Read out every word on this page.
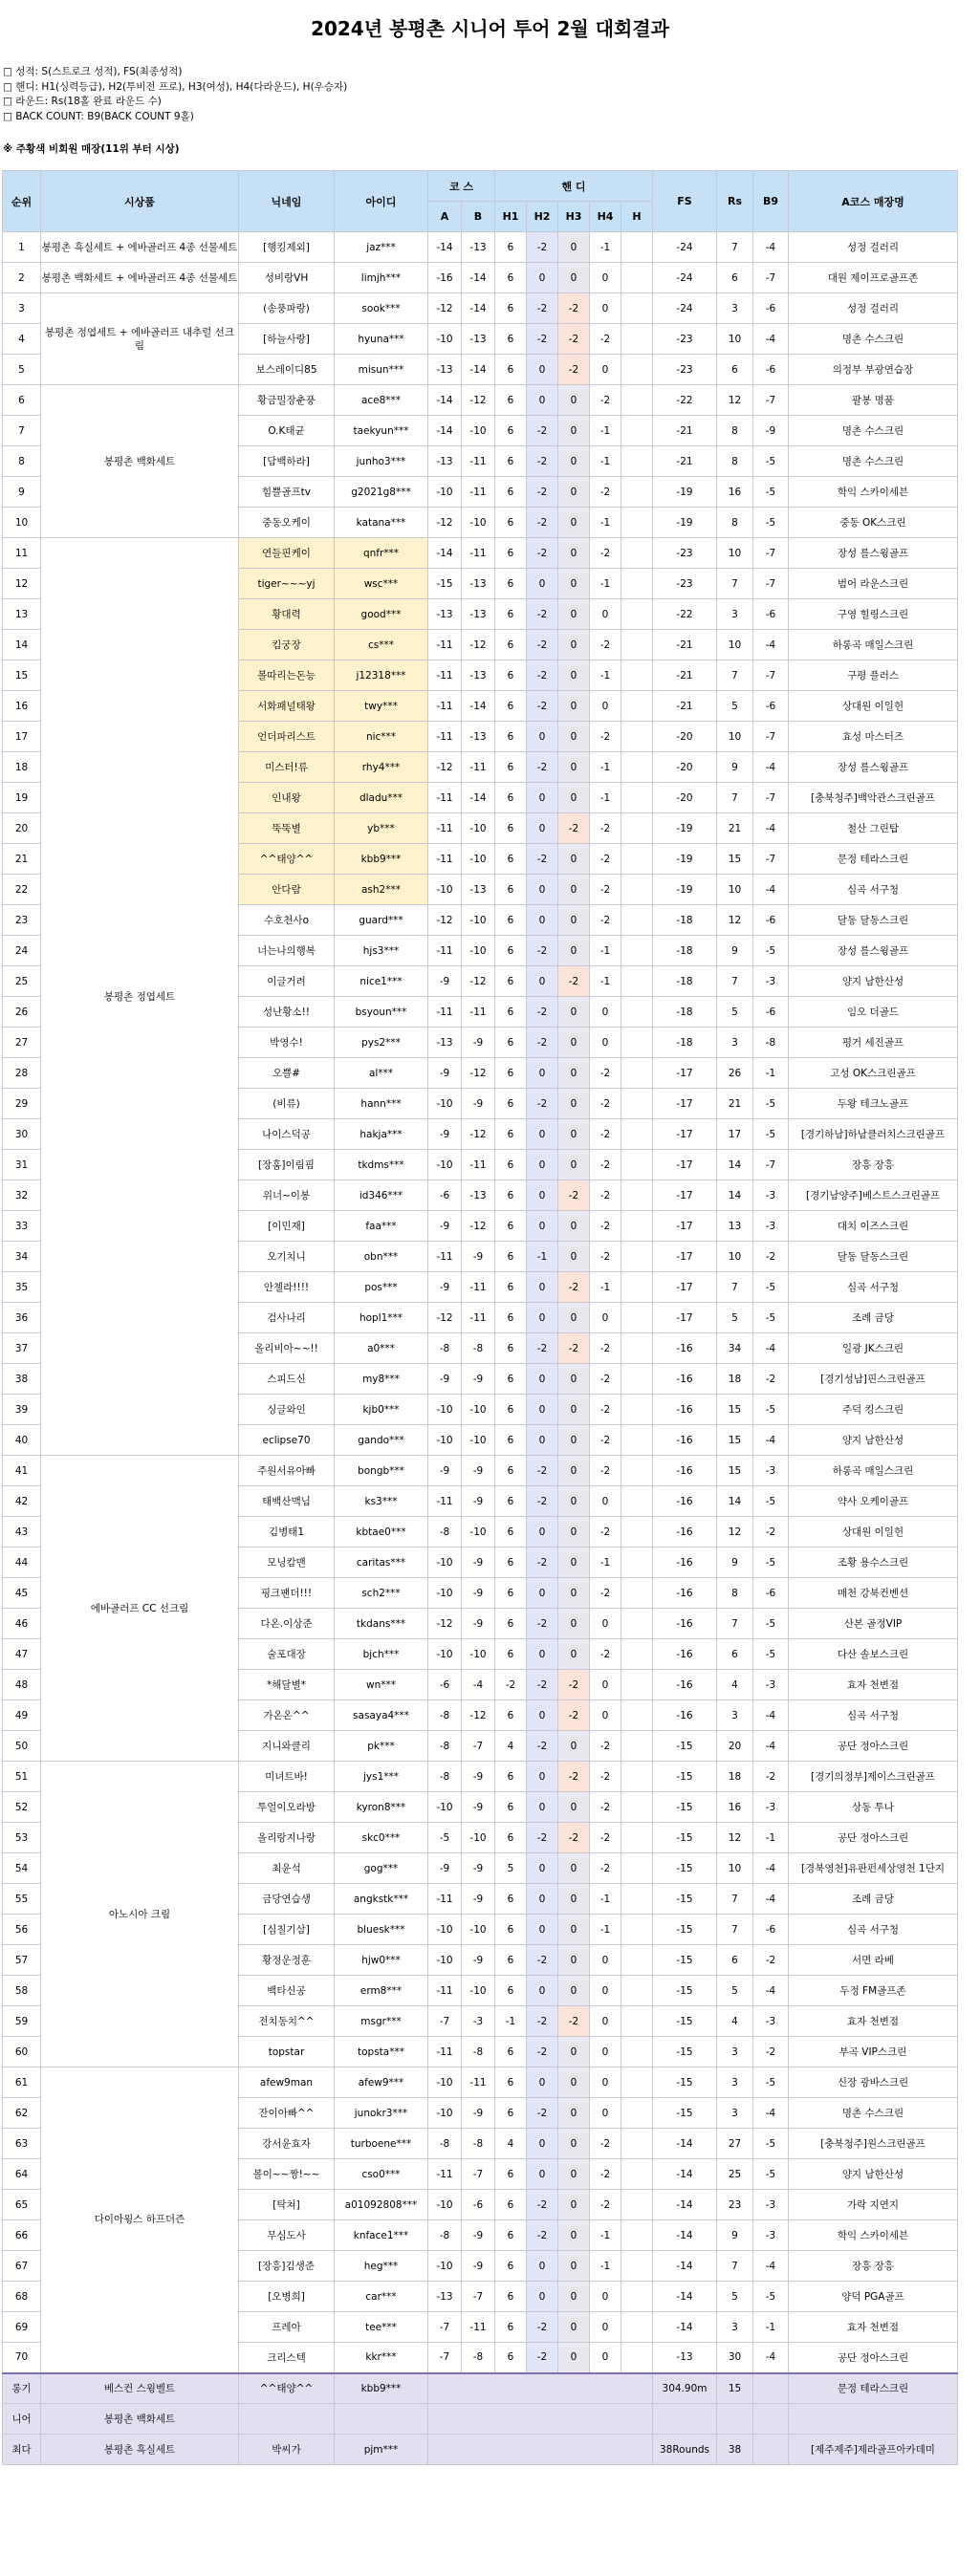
2024년 봉평촌 시니어 투어 2월 대회결과
□ 성적: S(스트로크 성적), FS(최종성적)
□ 핸디: H1(싱력등급), H2(투비전 프로), H3(여성), H4(다라운드), H(우승자)
□ 라운드: Rs(18홀 완료 라운드 수)
□ BACK COUNT: B9(BACK COUNT 9홀)
※ 주황색 비회원 매장(11위 부터 시상)
순위	시상품	닉네임	아이디	코 스		핸 디					FS	Rs	B9	A코스 매장명
				A	B	H1	H2	H3	H4	H				
1	봉평촌 흑실세트 + 에바골러프 4종 선물세트	[행킹제외]	jaz***	-14	-13	6	-2	0	-1		-24	7	-4	성정 걸러리
2	봉평촌 백화세트 + 에바골러프 4종 선물세트	성비랑VH	limjh***	-16	-14	6	0	0	0		-24	6	-7	대원 제이프로골프존
3	봉평촌 정엽세트 + 에바골러프 내추럴 선크림	(송풍파랑)	sook***	-12	-14	6	-2	-2	0		-24	3	-6	성정 걸러리
4		[하늘사랑]	hyuna***	-10	-13	6	-2	-2	-2		-23	10	-4	명촌 수스크린
5		보스레이디85	misun***	-13	-14	6	0	-2	0		-23	6	-6	의정부 부광연습장
6	봉평촌 백화세트	황금밀장춘풍	ace8***	-14	-12	6	0	0	-2		-22	12	-7	팔봉 명품
7		O.K태균	taekyun***	-14	-10	6	-2	0	-1		-21	8	-9	명촌 수스크린
8		[담백하라]	junho3***	-13	-11	6	-2	0	-1		-21	8	-5	명촌 수스크린
9		힘쁠골프tv	g2021g8***	-10	-11	6	-2	0	-2		-19	16	-5	학익 스카이세븐
10		중동오케이	katana***	-12	-10	6	-2	0	-1		-19	8	-5	중동 OK스크린
11	봉평촌 정엽세트	연들핀케이	qnfr***	-14	-11	6	-2	0	-2		-23	10	-7	장성 를스윙골프
12		tiger~~~yj	wsc***	-15	-13	6	0	0	-1		-23	7	-7	범어 라운스크린
13		황대력	good***	-13	-13	6	-2	0	0		-22	3	-6	구영 힐링스크린
14		킴궁장	cs***	-11	-12	6	-2	0	-2		-21	10	-4	하롱곡 매일스크린
15		볼따리는돈능	j12318***	-11	-13	6	-2	0	-1		-21	7	-7	구평 플러스
16		서화패널태왕	twy***	-11	-14	6	-2	0	0		-21	5	-6	상대원 이일헌
17		언더파리스트	nic***	-11	-13	6	0	0	-2		-20	10	-7	효성 마스터즈
18		미스터!류	rhy4***	-12	-11	6	-2	0	-1		-20	9	-4	장성 를스윙골프
19		인내왕	dladu***	-11	-14	6	0	0	-1		-20	7	-7	[충북청주]백악관스크린골프
20		뚝뚝별	yb***	-11	-10	6	0	-2	-2		-19	21	-4	철산 그린탑
21		^^태양^^	kbb9***	-11	-10	6	-2	0	-2		-19	15	-7	문정 테라스크린
22		안다람	ash2***	-10	-13	6	0	0	-2		-19	10	-4	심곡 서구청
23		수호천사o	guard***	-12	-10	6	0	0	-2		-18	12	-6	달동 달동스크린
24		너는나의행복	hjs3***	-11	-10	6	-2	0	-1		-18	9	-5	장성 를스윙골프
25		이글거려	nice1***	-9	-12	6	0	-2	-1		-18	7	-3	양지 남한산성
26		성난황소!!	bsyoun***	-11	-11	6	-2	0	0		-18	5	-6	임오 더골드
27		박영수!	pys2***	-13	-9	6	-2	0	0		-18	3	-8	평거 세진골프
28		오쁠#	al***	-9	-12	6	0	0	-2		-17	26	-1	고성 OK스크린골프
29		(비류)	hann***	-10	-9	6	-2	0	-2		-17	21	-5	두왕 테크노골프
30		나이스덕공	hakja***	-9	-12	6	0	0	-2		-17	17	-5	[경기하남]하남클러치스크린골프
31		[장훔]이림핌	tkdms***	-10	-11	6	0	0	-2		-17	14	-7	장흥 장흥
32		위너~이봉	id346***	-6	-13	6	0	-2	-2		-17	14	-3	[경기남양주]베스트스크린골프
33		[이민재]	faa***	-9	-12	6	0	0	-2		-17	13	-3	대치 이즈스크린
34		오기치니	obn***	-11	-9	6	-1	0	-2		-17	10	-2	달동 달동스크린
35		안첼라!!!!	pos***	-9	-11	6	0	-2	-1		-17	7	-5	심곡 서구청
36		검사나리	hopl1***	-12	-11	6	0	0	0		-17	5	-5	조례 금당
37		올리비아~~!!	a0***	-8	-8	6	-2	-2	-2		-16	34	-4	일광 JK스크린
38		스피드신	my8***	-9	-9	6	0	0	-2		-16	18	-2	[경기성남]핀스크린골프
39		싱글와인	kjb0***	-10	-10	6	0	0	-2		-16	15	-5	주덕 킹스크린
40		eclipse70	gando***	-10	-10	6	0	0	-2		-16	15	-4	양지 남한산성
41	에바골러프 CC 선크림	주원서유아빠	bongb***	-9	-9	6	-2	0	-2		-16	15	-3	하롱곡 매일스크린
42		태백산맥님	ks3***	-11	-9	6	-2	0	0		-16	14	-5	약사 오케이골프
43		김병태1	kbtae0***	-8	-10	6	0	0	-2		-16	12	-2	상대원 이일헌
44		모닝캄맨	caritas***	-10	-9	6	-2	0	-1		-16	9	-5	조황 용수스크린
45		핑크팬더!!!	sch2***	-10	-9	6	0	0	-2		-16	8	-6	매천 강북컨벤션
46		다온.이상준	tkdans***	-12	-9	6	-2	0	0		-16	7	-5	산본 골정VIP
47		술포대장	bjch***	-10	-10	6	0	0	-2		-16	6	-5	다산 솔보스크린
48		*해달별*	wn***	-6	-4	-2	-2	-2	0		-16	4	-3	효자 천변점
49		가온온^^	sasaya4***	-8	-12	6	0	-2	0		-16	3	-4	심곡 서구청
50		지니와클리	pk***	-8	-7	4	-2	0	-2		-15	20	-4	공단 정아스크린
51	아노시아 크림	미녀트바!	jys1***	-8	-9	6	0	-2	-2		-15	18	-2	[경기의정부]제이스크린골프
52		투얼이오라방	kyron8***	-10	-9	6	0	0	-2		-15	16	-3	상동 투나
53		올리랑지나랑	skc0***	-5	-10	6	-2	-2	-2		-15	12	-1	공단 정아스크린
54		최윤석	gog***	-9	-9	5	0	0	-2		-15	10	-4	[경북영천]유판펀세상영천 1단지
55		금당연습생	angkstk***	-11	-9	6	0	0	-1		-15	7	-4	조례 금당
56		[심칠기삼]	bluesk***	-10	-10	6	0	0	-1		-15	7	-6	심곡 서구청
57		황정운정훈	hjw0***	-10	-9	6	-2	0	0		-15	6	-2	서면 라베
58		백타신공	erm8***	-11	-10	6	0	0	0		-15	5	-4	두정 FM골프존
59		전치동치^^	msgr***	-7	-3	-1	-2	-2	0		-15	4	-3	효자 천변점
60		topstar	topsta***	-11	-8	6	-2	0	0		-15	3	-2	부곡 VIP스크린
61	다이아윙스 하프더즌	afew9man	afew9***	-10	-11	6	0	0	0		-15	3	-5	신장 광바스크린
62		잔이아빠^^	junokr3***	-10	-9	6	-2	0	0		-15	3	-4	명촌 수스크린
63		강서윤효자	turboene***	-8	-8	4	0	0	-2		-14	27	-5	[충북청주]원스크린골프
64		볼이~~짱!~~	cso0***	-11	-7	6	0	0	-2		-14	25	-5	양지 남한산성
65		[탁쳐]	a01092808***	-10	-6	6	-2	0	-2		-14	23	-3	가락 지연지
66		무심도사	knface1***	-8	-9	6	-2	0	-1		-14	9	-3	학익 스카이세븐
67		[장흥]김생준	heg***	-10	-9	6	0	0	-1		-14	7	-4	장흥 장흥
68		[오병희]	car***	-13	-7	6	0	0	0		-14	5	-5	양덕 PGA골프
69		프레아	tee***	-7	-11	6	-2	0	0		-14	3	-1	효자 천변점
70		크리스텍	kkr***	-7	-8	6	-2	0	0		-13	30	-4	공단 정아스크린
롱기	베스컨 스윙벨트	^^태양^^	kbb9***								304.90m	15		문정 테라스크린
니어	봉평촌 백화세트													
최다	봉평촌 흑실세트	박씨가	pjm***								38Rounds	38		[제주제주]제라골프아카데미
